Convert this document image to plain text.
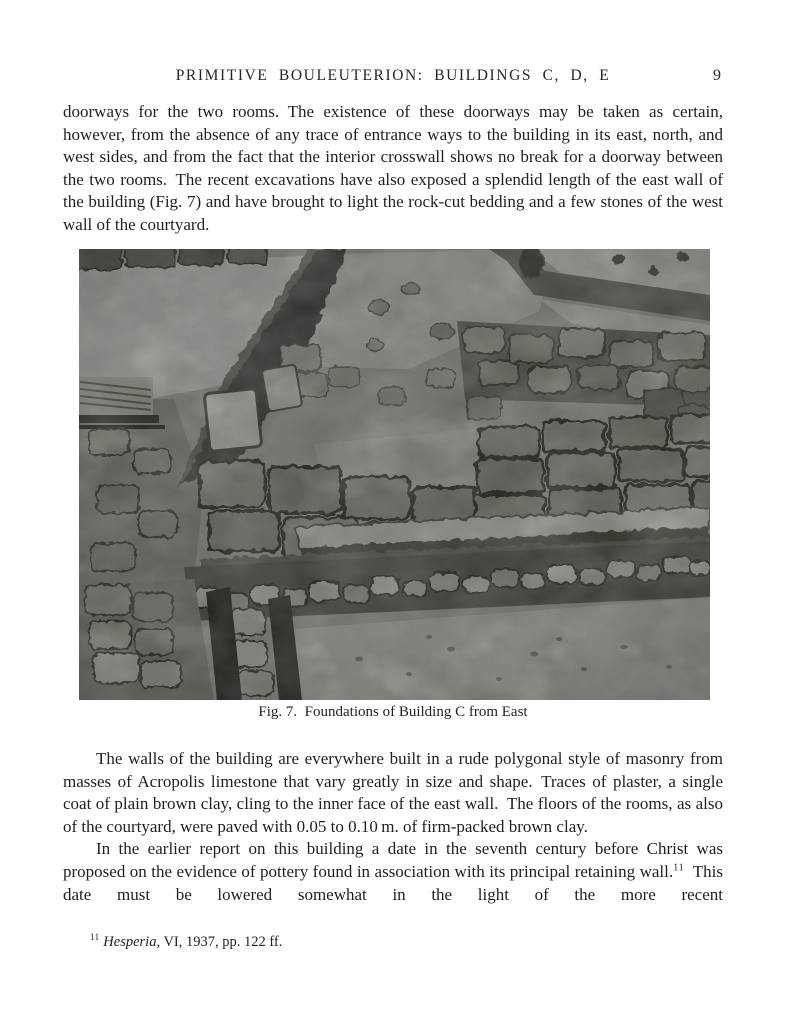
PRIMITIVE BOULEUTERION: BUILDINGS C, D, E	9

doorways for the two rooms. The existence of these doorways may be taken as certain, however, from the absence of any trace of entrance ways to the building in its east, north, and west sides, and from the fact that the interior crosswall shows no break for a doorway between the two rooms. The recent excavations have also exposed a splendid length of the east wall of the building (Fig. 7) and have brought to light the rock-cut bedding and a few stones of the west wall of the courtyard.

Fig. 7. Foundations of Building C from East

The walls of the building are everywhere built in a rude polygonal style of masonry from masses of Acropolis limestone that vary greatly in size and shape. Traces of plaster, a single coat of plain brown clay, cling to the inner face of the east wall. The floors of the rooms, as also of the courtyard, were paved with 0.05 to 0.10 m. of firm-packed brown clay.

In the earlier report on this building a date in the seventh century before Christ was proposed on the evidence of pottery found in association with its principal retaining wall.$^{11}$ This date must be lowered somewhat in the light of the more recent

$^{11}$  Hesperia, VI, 1937, pp. 122 ff.
